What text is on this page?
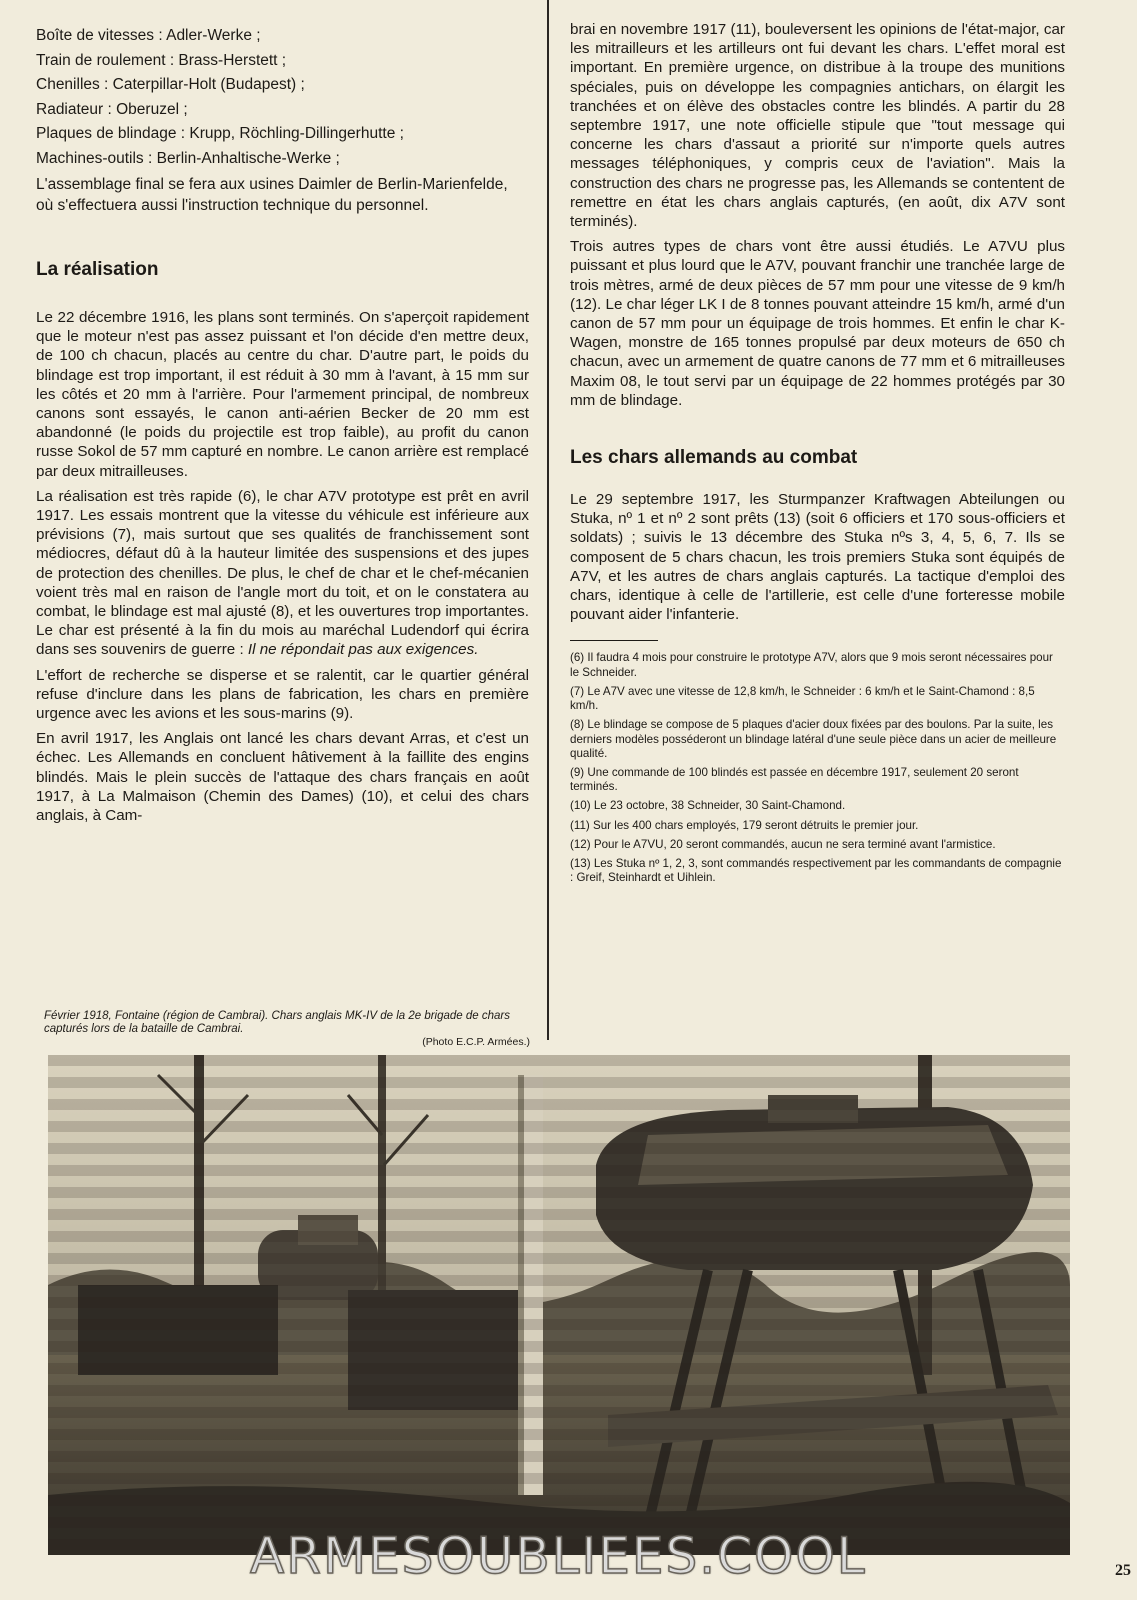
Boîte de vitesses : Adler-Werke ;

Train de roulement : Brass-Herstett ;

Chenilles : Caterpillar-Holt (Budapest) ;

Radiateur : Oberuzel ;

Plaques de blindage : Krupp, Röchling-Dillingerhutte ;

Machines-outils : Berlin-Anhaltische-Werke ;

L'assemblage final se fera aux usines Daimler de Berlin-Marienfelde, où s'effectuera aussi l'instruction technique du personnel.

La réalisation

Le 22 décembre 1916, les plans sont terminés. On s'aperçoit rapidement que le moteur n'est pas assez puissant et l'on décide d'en mettre deux, de 100 ch chacun, placés au centre du char. D'autre part, le poids du blindage est trop important, il est réduit à 30 mm à l'avant, à 15 mm sur les côtés et 20 mm à l'arrière. Pour l'armement principal, de nombreux canons sont essayés, le canon anti-aérien Becker de 20 mm est abandonné (le poids du projectile est trop faible), au profit du canon russe Sokol de 57 mm capturé en nombre. Le canon arrière est remplacé par deux mitrailleuses.

La réalisation est très rapide (6), le char A7V prototype est prêt en avril 1917. Les essais montrent que la vitesse du véhicule est inférieure aux prévisions (7), mais surtout que ses qualités de franchissement sont médiocres, défaut dû à la hauteur limitée des suspensions et des jupes de protection des chenilles. De plus, le chef de char et le chef-mécanien voient très mal en raison de l'angle mort du toit, et on le constatera au combat, le blindage est mal ajusté (8), et les ouvertures trop importantes. Le char est présenté à la fin du mois au maréchal Ludendorf qui écrira dans ses souvenirs de guerre : Il ne répondait pas aux exigences.

L'effort de recherche se disperse et se ralentit, car le quartier général refuse d'inclure dans les plans de fabrication, les chars en première urgence avec les avions et les sous-marins (9).

En avril 1917, les Anglais ont lancé les chars devant Arras, et c'est un échec. Les Allemands en concluent hâtivement à la faillite des engins blindés. Mais le plein succès de l'attaque des chars français en août 1917, à La Malmaison (Chemin des Dames) (10), et celui des chars anglais, à Cam-

Février 1918, Fontaine (région de Cambrai). Chars anglais MK-IV de la 2e brigade de chars capturés lors de la bataille de Cambrai.
(Photo E.C.P. Armées.)

brai en novembre 1917 (11), bouleversent les opinions de l'état-major, car les mitrailleurs et les artilleurs ont fui devant les chars. L'effet moral est important. En première urgence, on distribue à la troupe des munitions spéciales, puis on développe les compagnies antichars, on élargit les tranchées et on élève des obstacles contre les blindés. A partir du 28 septembre 1917, une note officielle stipule que "tout message qui concerne les chars d'assaut a priorité sur n'importe quels autres messages téléphoniques, y compris ceux de l'aviation". Mais la construction des chars ne progresse pas, les Allemands se contentent de remettre en état les chars anglais capturés, (en août, dix A7V sont terminés).

Trois autres types de chars vont être aussi étudiés. Le A7VU plus puissant et plus lourd que le A7V, pouvant franchir une tranchée large de trois mètres, armé de deux pièces de 57 mm pour une vitesse de 9 km/h (12). Le char léger LK I de 8 tonnes pouvant atteindre 15 km/h, armé d'un canon de 57 mm pour un équipage de trois hommes. Et enfin le char K-Wagen, monstre de 165 tonnes propulsé par deux moteurs de 650 ch chacun, avec un armement de quatre canons de 77 mm et 6 mitrailleuses Maxim 08, le tout servi par un équipage de 22 hommes protégés par 30 mm de blindage.

Les chars allemands au combat

Le 29 septembre 1917, les Sturmpanzer Kraftwagen Abteilungen ou Stuka, nº 1 et nº 2 sont prêts (13) (soit 6 officiers et 170 sous-officiers et soldats) ; suivis le 13 décembre des Stuka nºs 3, 4, 5, 6, 7. Ils se composent de 5 chars chacun, les trois premiers Stuka sont équipés de A7V, et les autres de chars anglais capturés. La tactique d'emploi des chars, identique à celle de l'artillerie, est celle d'une forteresse mobile pouvant aider l'infanterie.

(6) Il faudra 4 mois pour construire le prototype A7V, alors que 9 mois seront nécessaires pour le Schneider.

(7) Le A7V avec une vitesse de 12,8 km/h, le Schneider : 6 km/h et le Saint-Chamond : 8,5 km/h.

(8) Le blindage se compose de 5 plaques d'acier doux fixées par des boulons. Par la suite, les derniers modèles posséderont un blindage latéral d'une seule pièce dans un acier de meilleure qualité.

(9) Une commande de 100 blindés est passée en décembre 1917, seulement 20 seront terminés.

(10) Le 23 octobre, 38 Schneider, 30 Saint-Chamond.

(11) Sur les 400 chars employés, 179 seront détruits le premier jour.

(12) Pour le A7VU, 20 seront commandés, aucun ne sera terminé avant l'armistice.

(13) Les Stuka nº 1, 2, 3, sont commandés respectivement par les commandants de compagnie : Greif, Steinhardt et Uihlein.

ARMESOUBLIEES.COOL	25
